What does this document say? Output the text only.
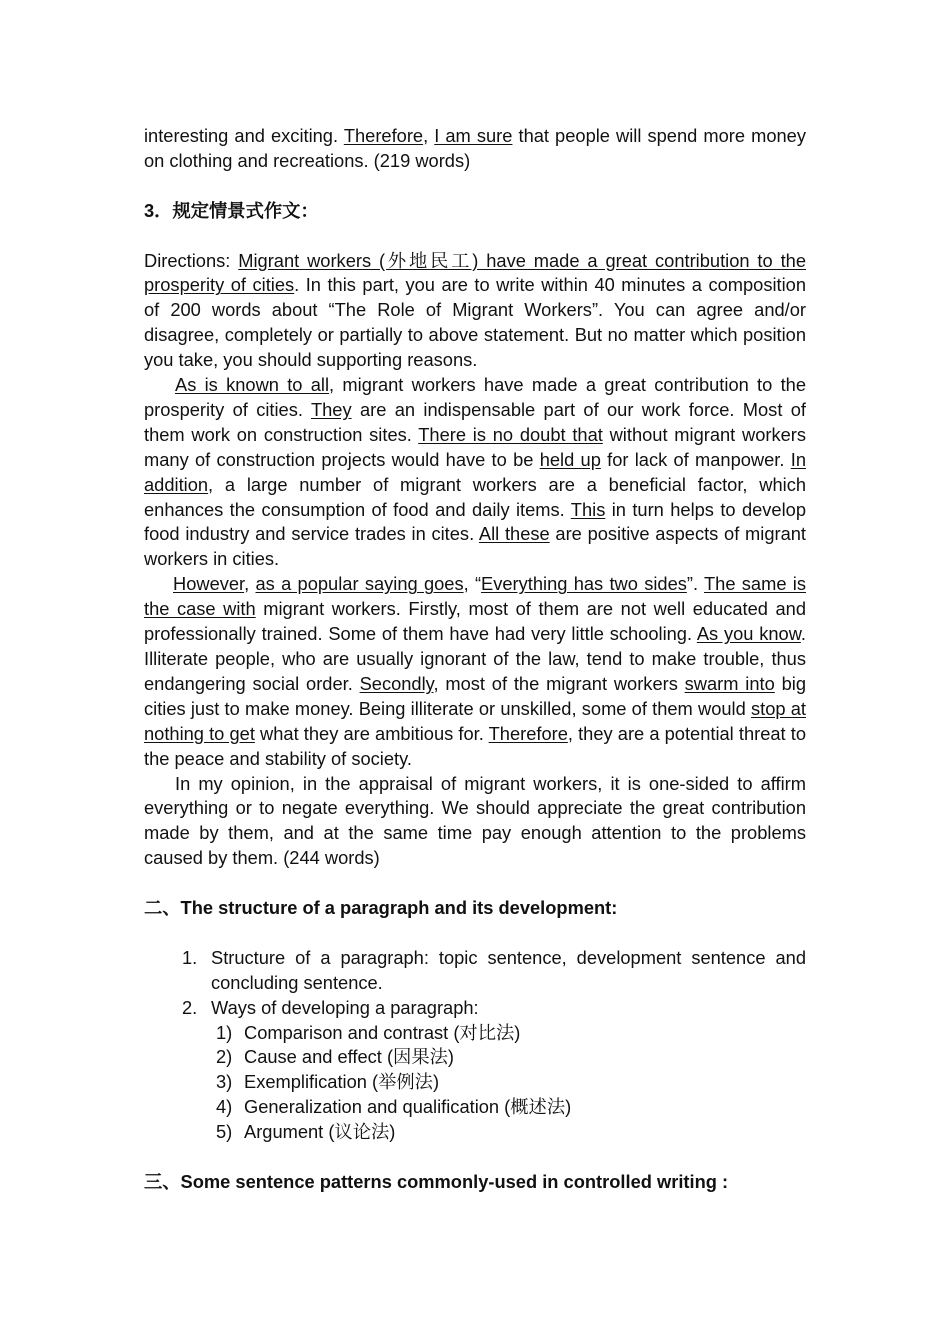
interesting and exciting. Therefore, I am sure that people will spend more money on clothing and recreations. (219 words)

3．规定情景式作文：

Directions: Migrant workers (外地民工) have made a great contribution to the prosperity of cities. In this part, you are to write within 40 minutes a composition of 200 words about “The Role of Migrant Workers”. You can agree and/or disagree, completely or partially to above statement. But no matter which position you take, you should supporting reasons.

As is known to all, migrant workers have made a great contribution to the prosperity of cities. They are an indispensable part of our work force. Most of them work on construction sites. There is no doubt that without migrant workers many of construction projects would have to be held up for lack of manpower. In addition, a large number of migrant workers are a beneficial factor, which enhances the consumption of food and daily items. This in turn helps to develop food industry and service trades in cites. All these are positive aspects of migrant workers in cities.

However, as a popular saying goes, “Everything has two sides”. The same is the case with migrant workers. Firstly, most of them are not well educated and professionally trained. Some of them have had very little schooling. As you know. Illiterate people, who are usually ignorant of the law, tend to make trouble, thus endangering social order. Secondly, most of the migrant workers swarm into big cities just to make money. Being illiterate or unskilled, some of them would stop at nothing to get what they are ambitious for. Therefore, they are a potential threat to the peace and stability of society.

In my opinion, in the appraisal of migrant workers, it is one-sided to affirm everything or to negate everything. We should appreciate the great contribution made by them, and at the same time pay enough attention to the problems caused by them. (244 words)

二、The structure of a paragraph and its development:

1. Structure of a paragraph: topic sentence, development sentence and concluding sentence.
2. Ways of developing a paragraph:
1) Comparison and contrast (对比法)
2) Cause and effect (因果法)
3) Exemplification (举例法)
4) Generalization and qualification (概述法)
5) Argument (议论法)

三、Some sentence patterns commonly-used in controlled writing :
